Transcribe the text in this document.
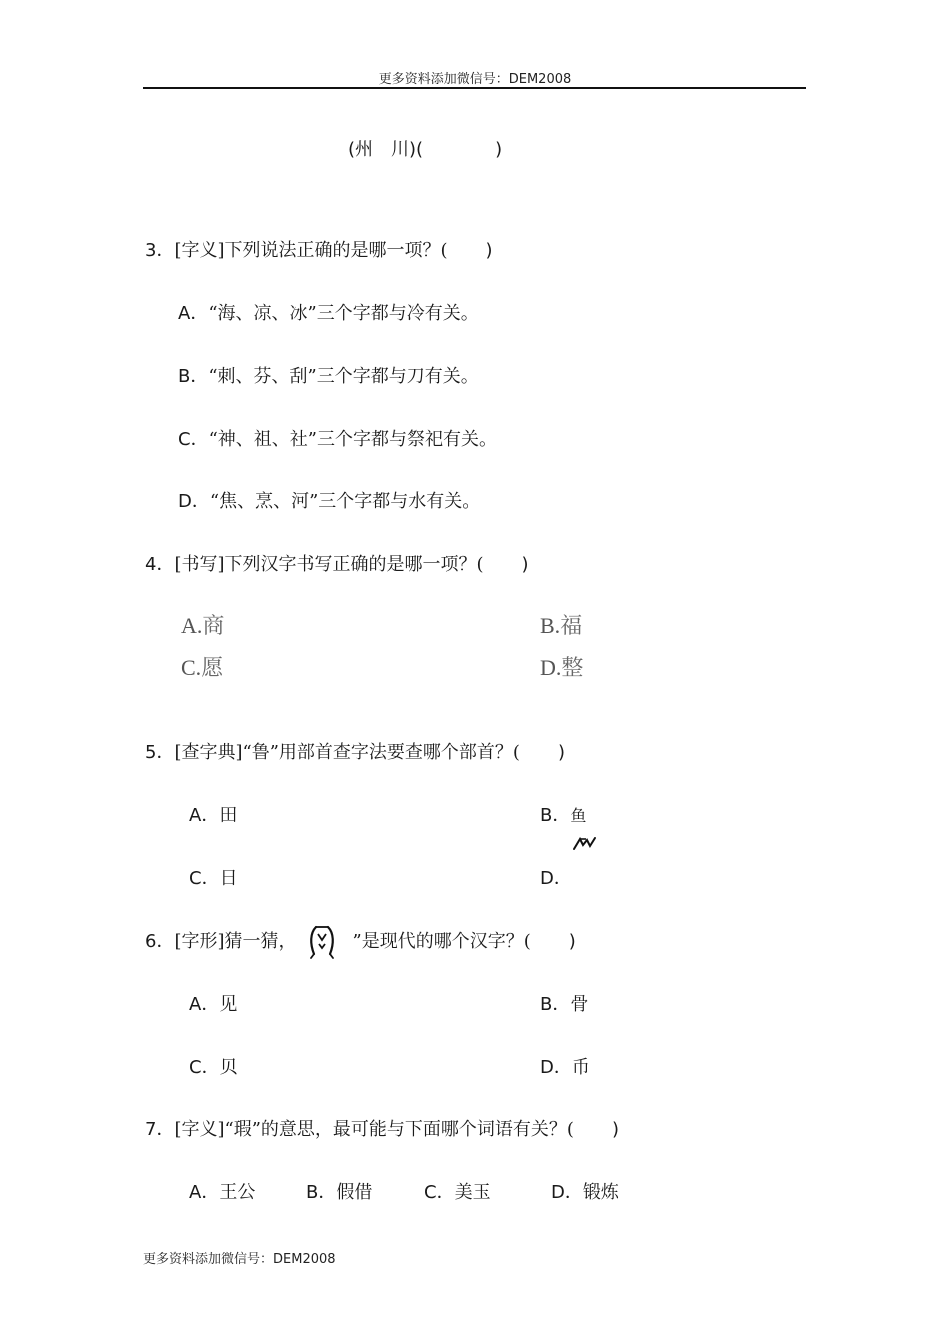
更多资料添加微信号：DEM2008
(州 川)(	)
3．[字义]下列说法正确的是哪一项？( )
A．“海、凉、冰”三个字都与冷有关。
B．“刺、芬、刮”三个字都与刀有关。
C．“神、祖、社”三个字都与祭祀有关。
D．“焦、烹、河”三个字都与水有关。
4．[书写]下列汉字书写正确的是哪一项？( )
A.商	B.福
C.愿	D.整
5．[查字典]“鲁”用部首查字法要查哪个部首？( )
A．田	B．鱼
C．日	D．
6．[字形]猜一猜，	”是现代的哪个汉字？( )
A．见	B．骨
C．贝	D．币
7．[字义]“瑕”的意思，最可能与下面哪个词语有关？( )
A．王公	B．假借	C．美玉	D．锻炼
更多资料添加微信号：DEM2008
